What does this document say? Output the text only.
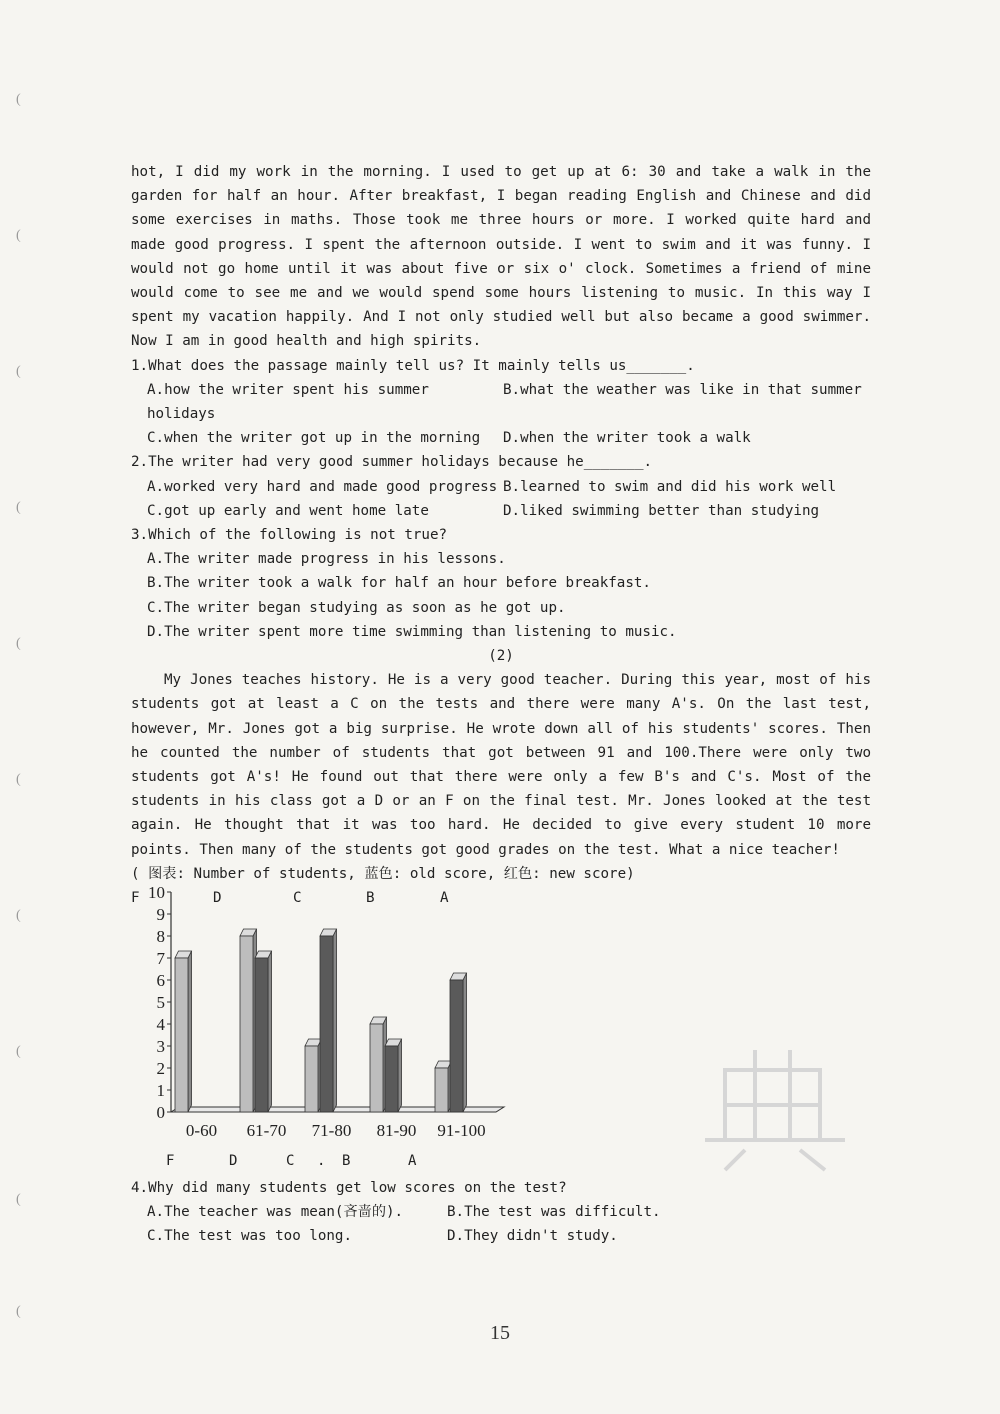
(
(
(
(
(
(
(
(
(
(

hot, I did my work in the morning. I used to get up at 6: 30 and take a walk in the garden for half an hour. After breakfast, I began reading English and Chinese and did some exercises in maths. Those took me three hours or more. I worked quite hard and made good progress. I spent the afternoon outside. I went to swim and it was funny. I would not go home until it was about five or six o' clock. Sometimes a friend of mine would come to see me and we would spend some hours listening to music. In this way I spent my vacation happily. And I not only studied well but also became a good swimmer. Now I am in good health and high spirits.

1.What does the passage mainly tell us? It mainly tells us_______.

A.how the writer spent his summer holidays
B.what the weather was like in that summer
C.when the writer got up in the morning	D.when the writer took a walk

2.The writer had very good summer holidays because he_______.

A.worked very hard and made good progress B.learned to swim and did his work well
C.got up early and went home late	D.liked swimming better than studying

3.Which of the following is not true?

A.The writer made progress in his lessons.
B.The writer took a walk for half an hour before breakfast.
C.The writer began studying as soon as he got up.
D.The writer spent more time swimming than listening to music.
(2)

My Jones teaches history. He is a very good teacher. During this year, most of his students got at least a C on the tests and there were many A's. On the last test, however, Mr. Jones got a big surprise. He wrote down all of his students' scores. Then he counted the number of students that got between 91 and 100.There were only two students got A's! He found out that there were only a few B's and C's. Most of the students in his class got a D or an F on the final test. Mr. Jones looked at the test again. He thought that it was too hard. He decided to give every student 10 more points. Then many of the students got good grades on the test. What a nice teacher!

( 图表: Number of students, 蓝色: old score, 红色: new score)
F	D	C	B	A
0
1
2
3
4
5
6
7
8
9
10
0-60 61-70 71-80 81-90 91-100
F	D	C . B	A

4.Why did many students get low scores on the test?

A.The teacher was mean(吝啬的).	B.The test was difficult.
C.The test was too long.	D.They didn't study.
15
